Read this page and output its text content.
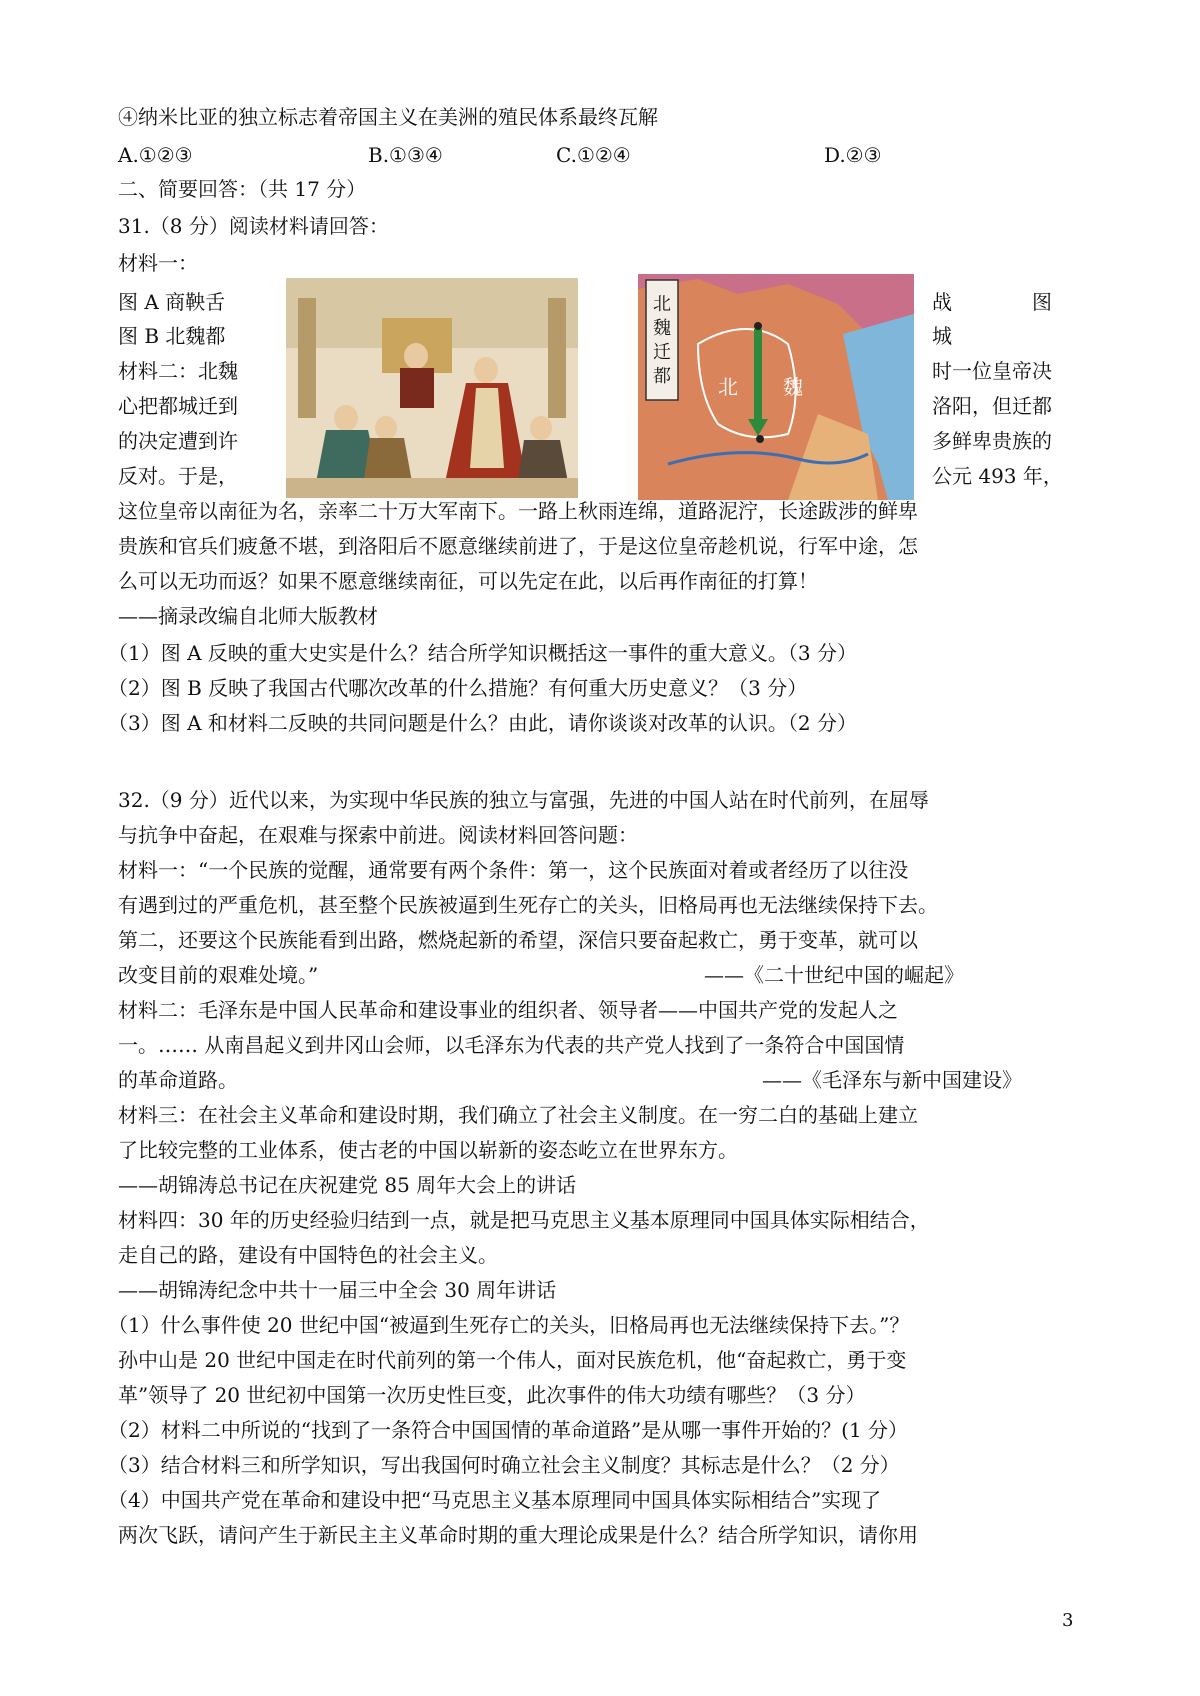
④纳米比亚的独立标志着帝国主义在美洲的殖民体系最终瓦解
A.①②③	B.①③④	C.①②④	D.②③
二、简要回答：（共 17 分）
31.（8 分）阅读材料请回答：
材料一：
图 A 商鞅舌
图 B 北魏都
材料二：北魏
心把都城迁到
的决定遭到许
反对。于是，
战　　　　图
城
时一位皇帝决
洛阳，但迁都
多鲜卑贵族的
公元 493 年，
北
魏
迁
都 北 魏
这位皇帝以南征为名，亲率二十万大军南下。一路上秋雨连绵，道路泥泞，长途跋涉的鲜卑
贵族和官兵们疲惫不堪，到洛阳后不愿意继续前进了，于是这位皇帝趁机说，行军中途，怎
么可以无功而返？如果不愿意继续南征，可以先定在此，以后再作南征的打算！
——摘录改编自北师大版教材
（1）图 A 反映的重大史实是什么？结合所学知识概括这一事件的重大意义。（3 分）
（2）图 B 反映了我国古代哪次改革的什么措施？有何重大历史意义？（3 分）
（3）图 A 和材料二反映的共同问题是什么？由此，请你谈谈对改革的认识。（2 分）
32.（9 分）近代以来，为实现中华民族的独立与富强，先进的中国人站在时代前列，在屈辱
与抗争中奋起，在艰难与探索中前进。阅读材料回答问题：
材料一：“一个民族的觉醒，通常要有两个条件：第一，这个民族面对着或者经历了以往没
有遇到过的严重危机，甚至整个民族被逼到生死存亡的关头，旧格局再也无法继续保持下去。
第二，还要这个民族能看到出路，燃烧起新的希望，深信只要奋起救亡，勇于变革，就可以
改变目前的艰难处境。”	——《二十世纪中国的崛起》
材料二：毛泽东是中国人民革命和建设事业的组织者、领导者——中国共产党的发起人之
一。…… 从南昌起义到井冈山会师，以毛泽东为代表的共产党人找到了一条符合中国国情
的革命道路。	——《毛泽东与新中国建设》
材料三：在社会主义革命和建设时期，我们确立了社会主义制度。在一穷二白的基础上建立
了比较完整的工业体系，使古老的中国以崭新的姿态屹立在世界东方。
——胡锦涛总书记在庆祝建党 85 周年大会上的讲话
材料四：30 年的历史经验归结到一点，就是把马克思主义基本原理同中国具体实际相结合，
走自己的路，建设有中国特色的社会主义。
——胡锦涛纪念中共十一届三中全会 30 周年讲话
（1）什么事件使 20 世纪中国“被逼到生死存亡的关头，旧格局再也无法继续保持下去。”？
孙中山是 20 世纪中国走在时代前列的第一个伟人，面对民族危机，他“奋起救亡，勇于变
革”领导了 20 世纪初中国第一次历史性巨变，此次事件的伟大功绩有哪些？（3 分）
（2）材料二中所说的“找到了一条符合中国国情的革命道路”是从哪一事件开始的？(1 分）
（3）结合材料三和所学知识，写出我国何时确立社会主义制度？其标志是什么？（2 分）
（4）中国共产党在革命和建设中把“马克思主义基本原理同中国具体实际相结合”实现了
两次飞跃，请问产生于新民主主义革命时期的重大理论成果是什么？结合所学知识，请你用
3
